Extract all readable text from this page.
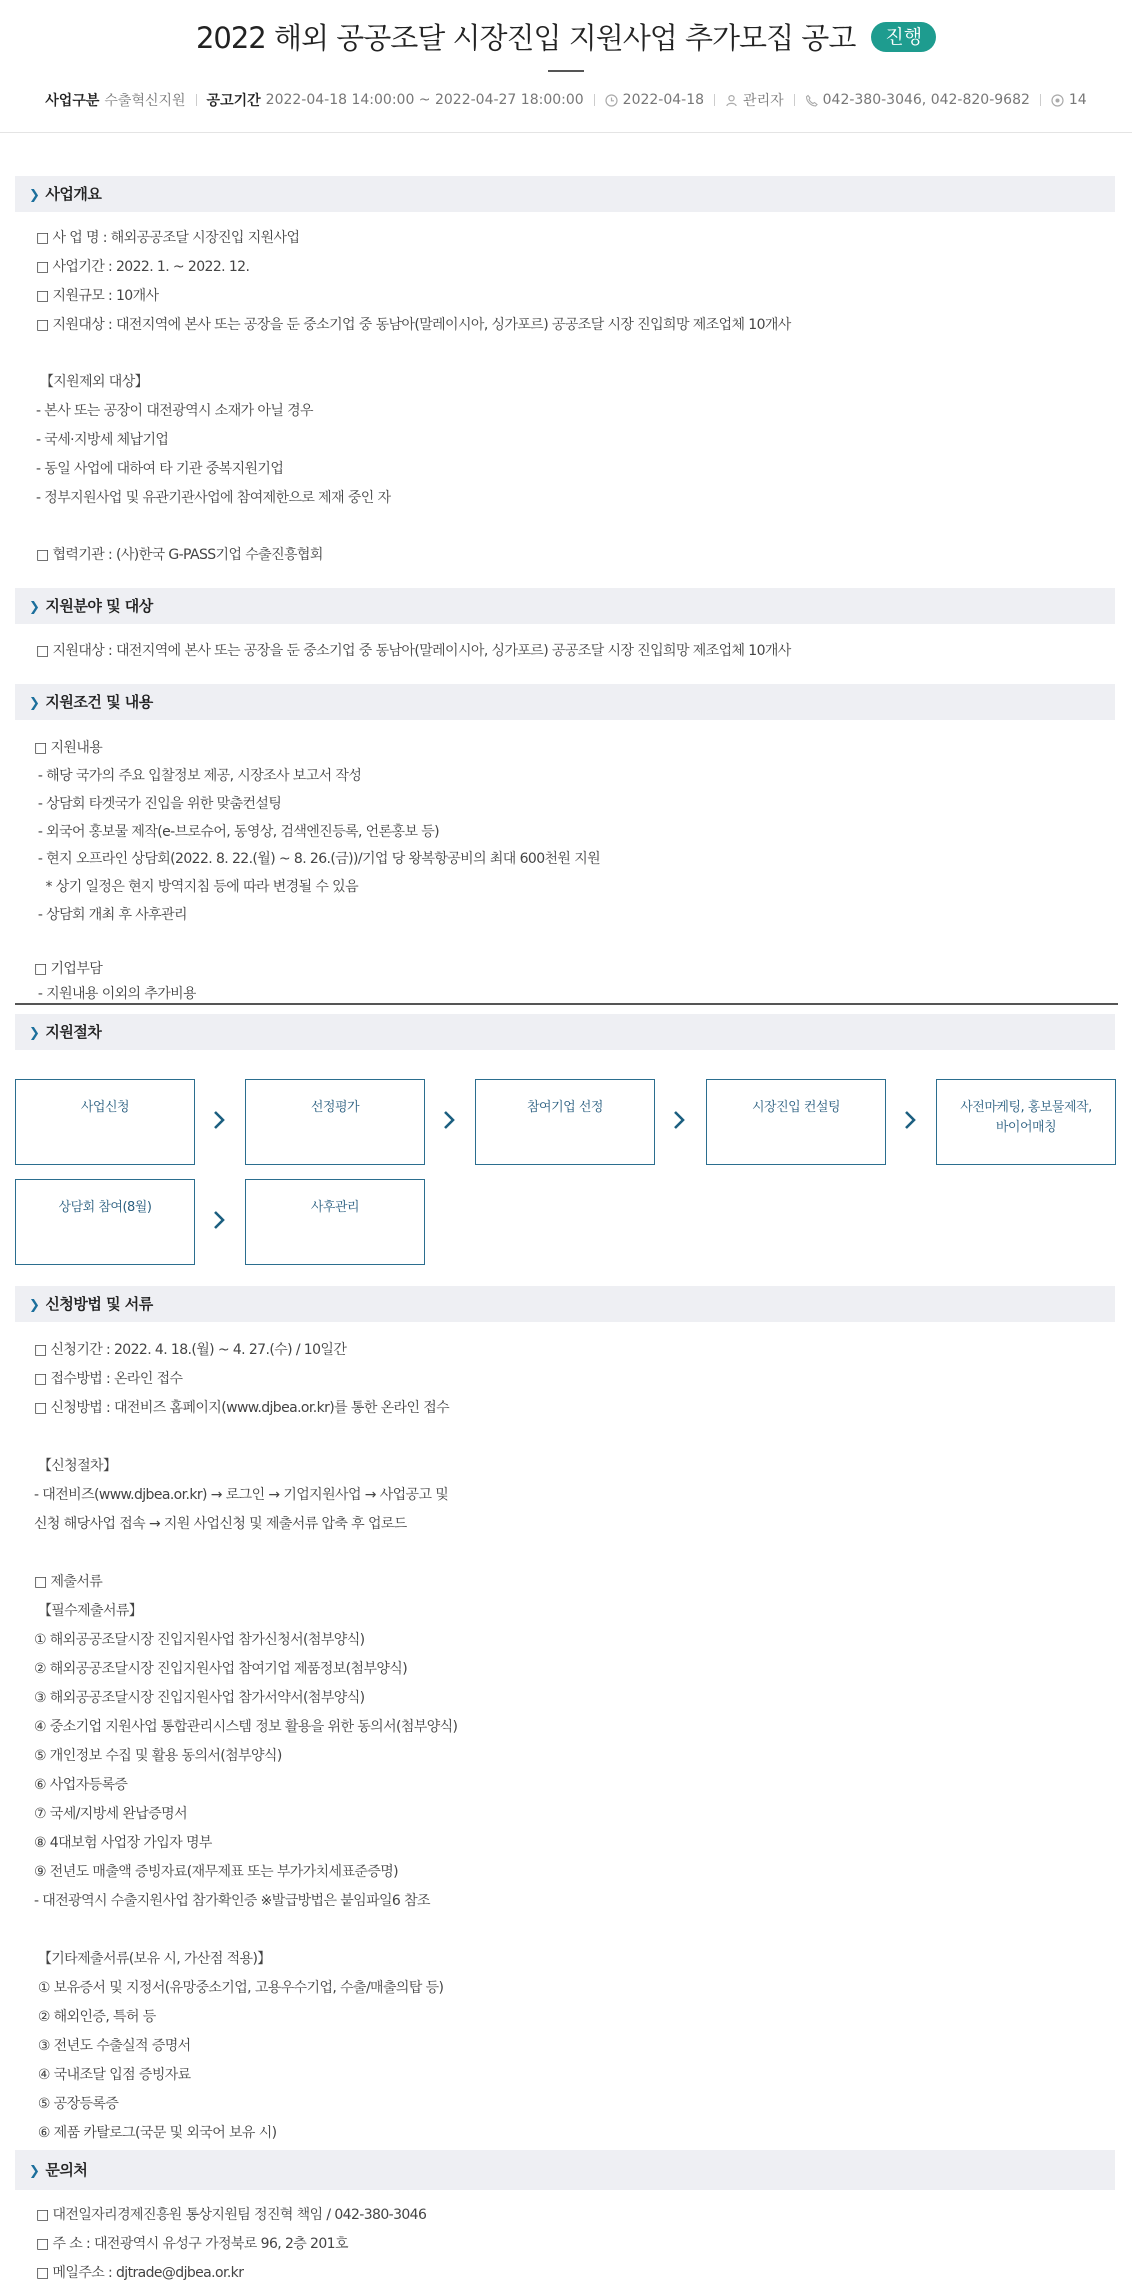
2022 해외 공공조달 시장진입 지원사업 추가모집 공고 진행
사업구분 수출혁신지원 공고기간 2022-04-18 14:00:00 ~ 2022-04-27 18:00:00	2022-04-18	관리자	042-380-3046, 042-820-9682	14
❯ 사업개요
□ 사 업 명 : 해외공공조달 시장진입 지원사업
□ 사업기간 : 2022. 1. ~ 2022. 12.
□ 지원규모 : 10개사
□ 지원대상 : 대전지역에 본사 또는 공장을 둔 중소기업 중 동남아(말레이시아, 싱가포르) 공공조달 시장 진입희망 제조업체 10개사
【지원제외 대상】
- 본사 또는 공장이 대전광역시 소재가 아닐 경우
- 국세·지방세 체납기업
- 동일 사업에 대하여 타 기관 중복지원기업
- 정부지원사업 및 유관기관사업에 참여제한으로 제재 중인 자
□ 협력기관 : (사)한국 G-PASS기업 수출진흥협회
❯ 지원분야 및 대상
□ 지원대상 : 대전지역에 본사 또는 공장을 둔 중소기업 중 동남아(말레이시아, 싱가포르) 공공조달 시장 진입희망 제조업체 10개사
❯ 지원조건 및 내용
□ 지원내용
- 해당 국가의 주요 입찰정보 제공, 시장조사 보고서 작성
- 상담회 타겟국가 진입을 위한 맞춤컨설팅
- 외국어 홍보물 제작(e-브로슈어, 동영상, 검색엔진등록, 언론홍보 등)
- 현지 오프라인 상담회(2022. 8. 22.(월) ~ 8. 26.(금))/기업 당 왕복항공비의 최대 600천원 지원
* 상기 일정은 현지 방역지침 등에 따라 변경될 수 있음
- 상담회 개최 후 사후관리
□ 기업부담
- 지원내용 이외의 추가비용
❯ 지원절차
사업신청	선정평가	참여기업 선정	시장진입 컨설팅	사전마케팅, 홍보물제작,
바이어매칭
상담회 참여(8월)	사후관리
❯ 신청방법 및 서류
□ 신청기간 : 2022. 4. 18.(월) ~ 4. 27.(수) / 10일간
□ 접수방법 : 온라인 접수
□ 신청방법 : 대전비즈 홈페이지(www.djbea.or.kr)를 통한 온라인 접수
【신청절차】
- 대전비즈(www.djbea.or.kr) → 로그인 → 기업지원사업 → 사업공고 및
신청 해당사업 접속 → 지원 사업신청 및 제출서류 압축 후 업로드
□ 제출서류
【필수제출서류】
① 해외공공조달시장 진입지원사업 참가신청서(첨부양식)
② 해외공공조달시장 진입지원사업 참여기업 제품정보(첨부양식)
③ 해외공공조달시장 진입지원사업 참가서약서(첨부양식)
④ 중소기업 지원사업 통합관리시스템 정보 활용을 위한 동의서(첨부양식)
⑤ 개인정보 수집 및 활용 동의서(첨부양식)
⑥ 사업자등록증
⑦ 국세/지방세 완납증명서
⑧ 4대보험 사업장 가입자 명부
⑨ 전년도 매출액 증빙자료(재무제표 또는 부가가치세표준증명)
- 대전광역시 수출지원사업 참가확인증 ※발급방법은 붙임파일6 참조
【기타제출서류(보유 시, 가산점 적용)】
① 보유증서 및 지정서(유망중소기업, 고용우수기업, 수출/매출의탑 등)
② 해외인증, 특허 등
③ 전년도 수출실적 증명서
④ 국내조달 입점 증빙자료
⑤ 공장등록증
⑥ 제품 카탈로그(국문 및 외국어 보유 시)
❯ 문의처
□ 대전일자리경제진흥원 통상지원팀 정진혁 책임 / 042-380-3046
□ 주 소 : 대전광역시 유성구 가정북로 96, 2층 201호
□ 메일주소 : djtrade@djbea.or.kr
